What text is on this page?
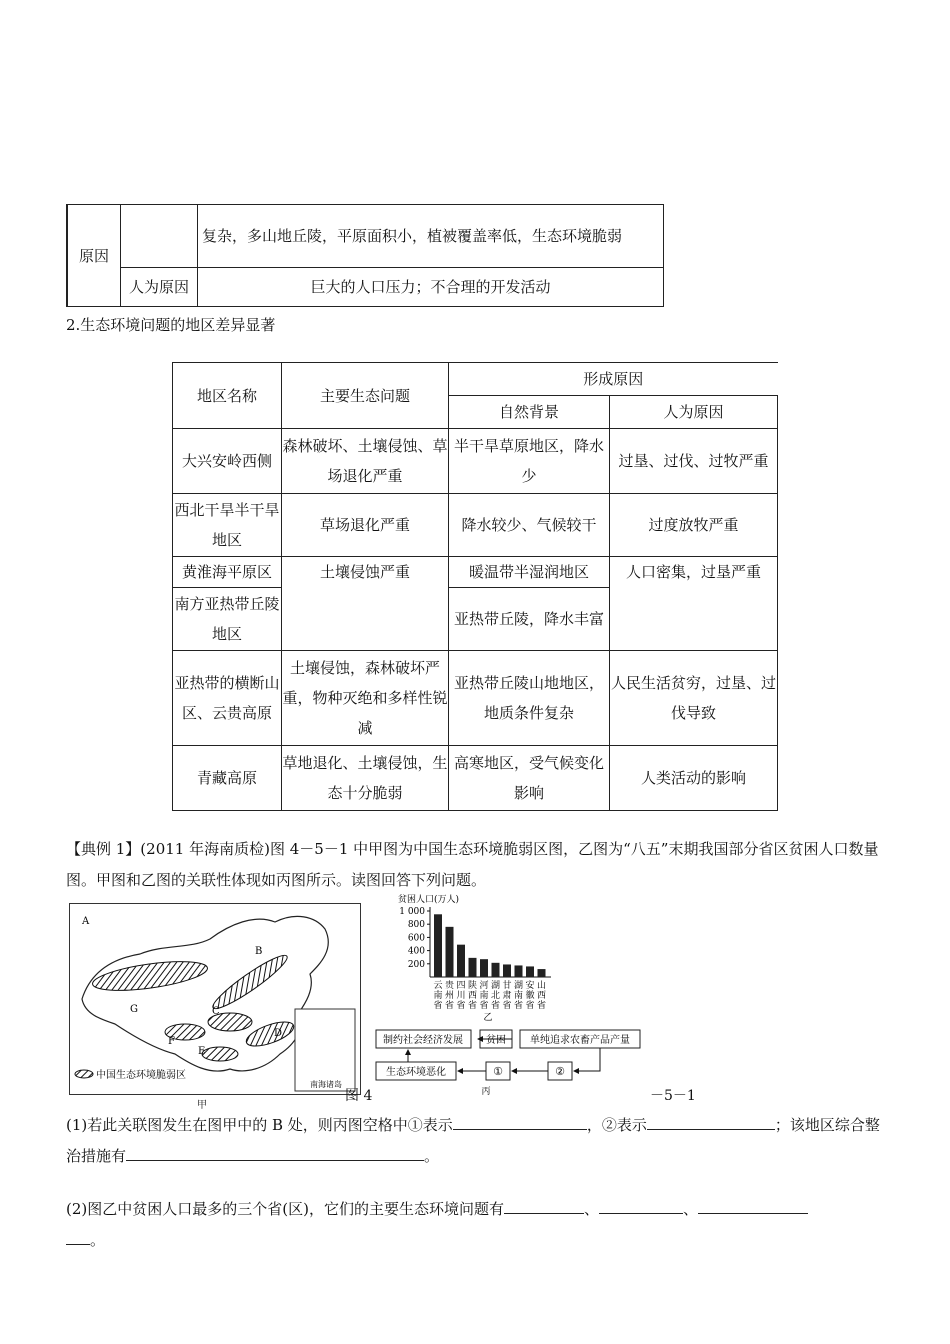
原因		复杂，多山地丘陵，平原面积小，植被覆盖率低，生态环境脆弱
	人为原因	巨大的人口压力；不合理的开发活动
2.生态环境问题的地区差异显著
地区名称	主要生态问题	形成原因	
		自然背景	人为原因
大兴安岭西侧	森林破坏、土壤侵蚀、草场退化严重	半干旱草原地区，降水少	过垦、过伐、过牧严重
西北干旱半干旱地区	草场退化严重	降水较少、气候较干	过度放牧严重
黄淮海平原区	土壤侵蚀严重	暖温带半湿润地区	人口密集，过垦严重
南方亚热带丘陵地区		亚热带丘陵，降水丰富	
亚热带的横断山区、云贵高原	土壤侵蚀，森林破坏严重，物种灭绝和多样性锐减	亚热带丘陵山地地区，地质条件复杂	人民生活贫穷，过垦、过伐导致
青藏高原	草地退化、土壤侵蚀，生态十分脆弱	高寒地区，受气候变化影响	人类活动的影响
【典例 1】(2011 年海南质检)图 4－5－1 中甲图为中国生态环境脆弱区图，乙图为“八五”末期我国部分省区贫困人口数量图。甲图和乙图的关联性体现如丙图所示。读图回答下列问题。
A
B
C
D
E
F
G
中国生态环境脆弱区
南海诸岛
甲
贫困人口(万人)
200
400
600
800
1 000
云
南
省
贵
州
省
四
川
省
陕
西
省
河
南
省
湖
北
省
甘
肃
省
湖
南
省
安
徽
省
山
西
省
乙
制约社会经济发展 贫困 单纯追求农畜产品产量
生态环境恶化	①	②
丙
图 4	－5－1
(1)若此关联图发生在图甲中的 B 处，则丙图空格中①表示	，②表示	；该地区综合整治措施有	。
(2)图乙中贫困人口最多的三个省(区)，它们的主要生态环境问题有	、	、
。
